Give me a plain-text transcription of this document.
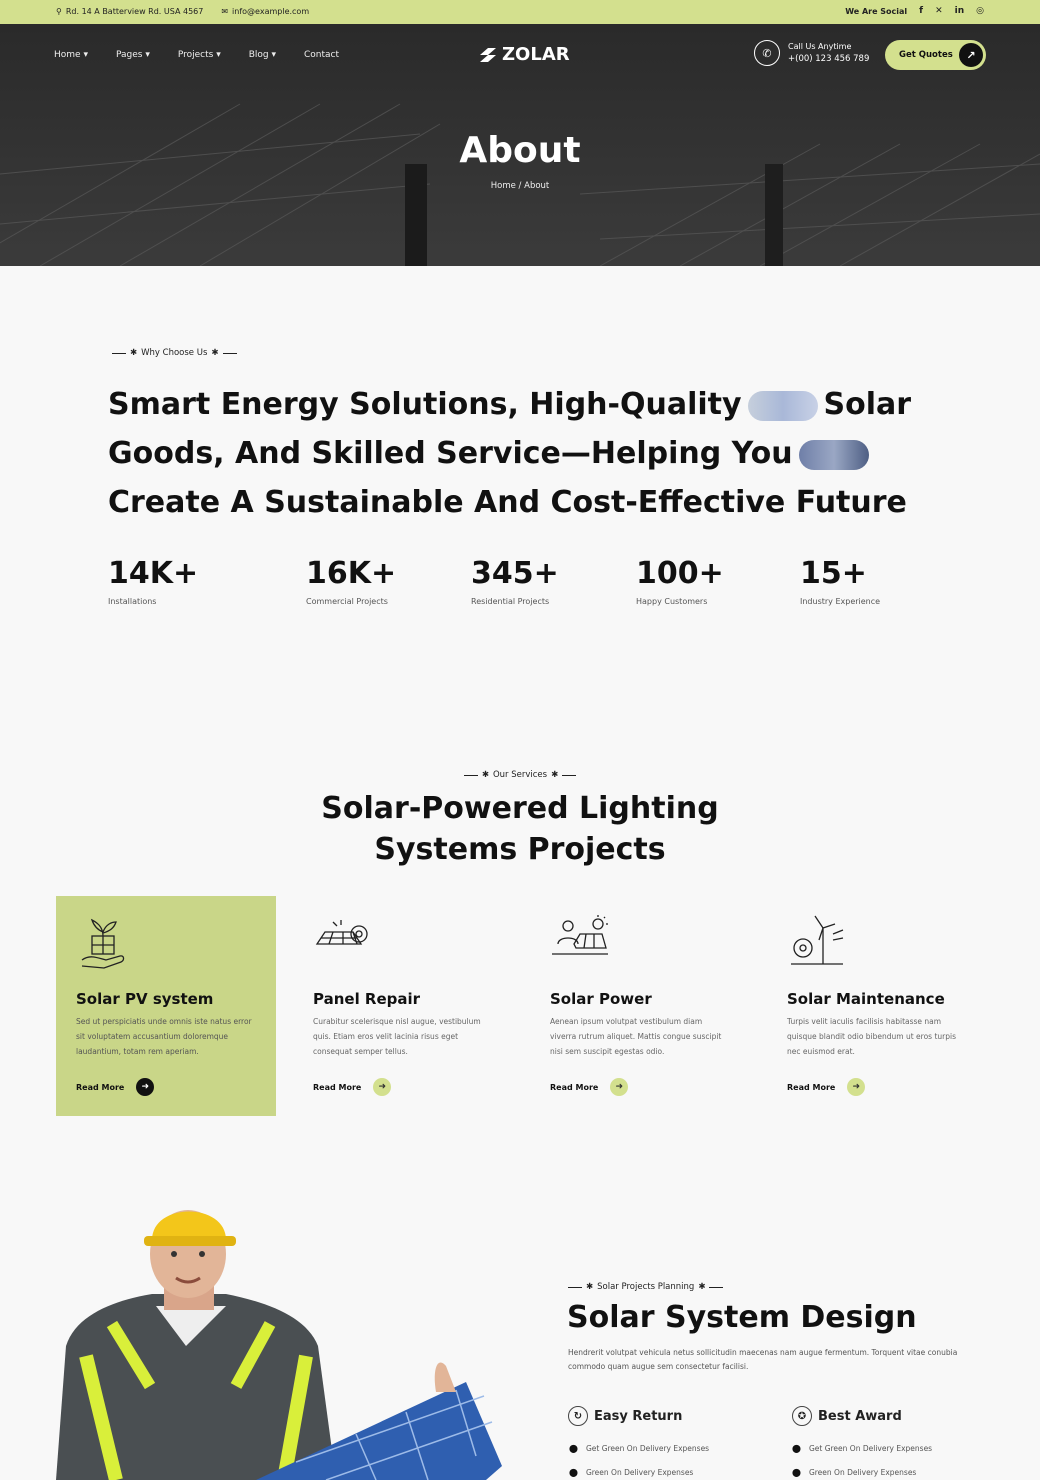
⚲ Rd. 14 A Batterview Rd. USA 4567 ✉ info@example.com	We Are Social f ✕ in ◎
Home ▾	Pages ▾	Projects ▾	Blog ▾	Contact	ZOLAR	✆	Call Us Anytime
+(00) 123 456 789	Get Quotes	↗
About
Home / About
✱ Why Choose Us ✱
Smart Energy Solutions, High-Quality	Solar Goods, And Skilled Service—Helping YouCreate A Sustainable And Cost-Effective Future
14K+
Installations
16K+
Commercial Projects
345+
Residential Projects
100+
Happy Customers
15+
Industry Experience
✱ Our Services ✱
Solar-Powered Lighting
Systems Projects
Solar PV system
Sed ut perspiciatis unde omnis iste natus error sit voluptatem accusantium doloremque laudantium, totam rem aperiam.
Read More	➜
Panel Repair
Curabitur scelerisque nisl augue, vestibulum quis. Etiam eros velit lacinia risus eget consequat semper tellus.
Read More	➜
Solar Power
Aenean ipsum volutpat vestibulum diam viverra rutrum aliquet. Mattis congue suscipit nisi sem suscipit egestas odio.
Read More	➜
Solar Maintenance
Turpis velit iaculis facilisis habitasse nam quisque blandit odio bibendum ut eros turpis nec euismod erat.
Read More	➜
✱ Solar Projects Planning ✱
Solar System Design
Hendrerit volutpat vehicula netus sollicitudin maecenas nam augue fermentum. Torquent vitae conubia commodo quam augue sem consectetur facilisi.
↻ Easy Return	✪ Best Award
⬤ Get Green On Delivery Expenses
⬤ Green On Delivery Expenses
⬤ Get Green On Delivery Expenses
⬤ Green On Delivery Expenses
